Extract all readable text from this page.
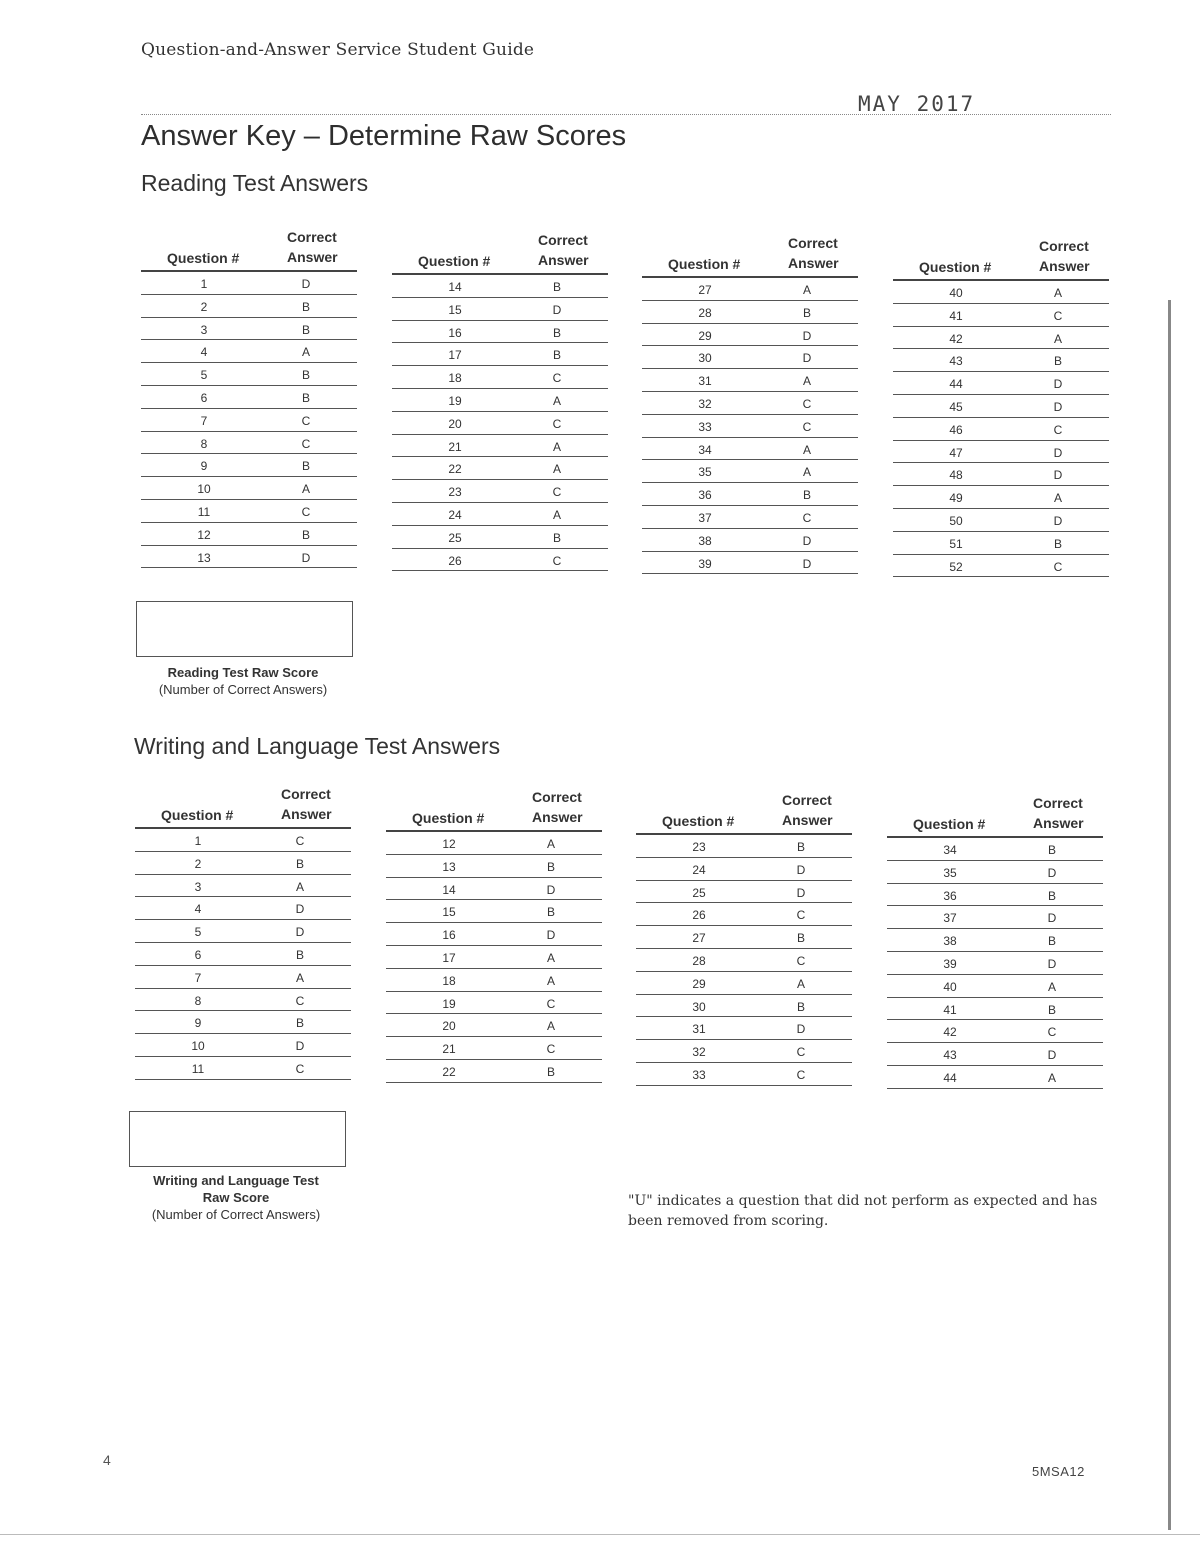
Question-and-Answer Service Student Guide
MAY 2017
Answer Key – Determine Raw Scores
Reading Test Answers
Question #
Correct
Answer
1	D
2	B
3	B
4	A
5	B
6	B
7	C
8	C
9	B
10	A
11	C
12	B
13	D
Question #
Correct
Answer
14	B
15	D
16	B
17	B
18	C
19	A
20	C
21	A
22	A
23	C
24	A
25	B
26	C
Question #
Correct
Answer
27	A
28	B
29	D
30	D
31	A
32	C
33	C
34	A
35	A
36	B
37	C
38	D
39	D
Question #
Correct
Answer
40	A
41	C
42	A
43	B
44	D
45	D
46	C
47	D
48	D
49	A
50	D
51	B
52	C
Reading Test Raw Score
(Number of Correct Answers)
Writing and Language Test Answers
Question #
Correct
Answer
1	C
2	B
3	A
4	D
5	D
6	B
7	A
8	C
9	B
10	D
11	C
Question #
Correct
Answer
12	A
13	B
14	D
15	B
16	D
17	A
18	A
19	C
20	A
21	C
22	B
Question #
Correct
Answer
23	B
24	D
25	D
26	C
27	B
28	C
29	A
30	B
31	D
32	C
33	C
Question #
Correct
Answer
34	B
35	D
36	B
37	D
38	B
39	D
40	A
41	B
42	C
43	D
44	A
Writing and Language Test
Raw Score
(Number of Correct Answers)
"U" indicates a question that did not perform as expected and has been removed from scoring.
4
5MSA12
